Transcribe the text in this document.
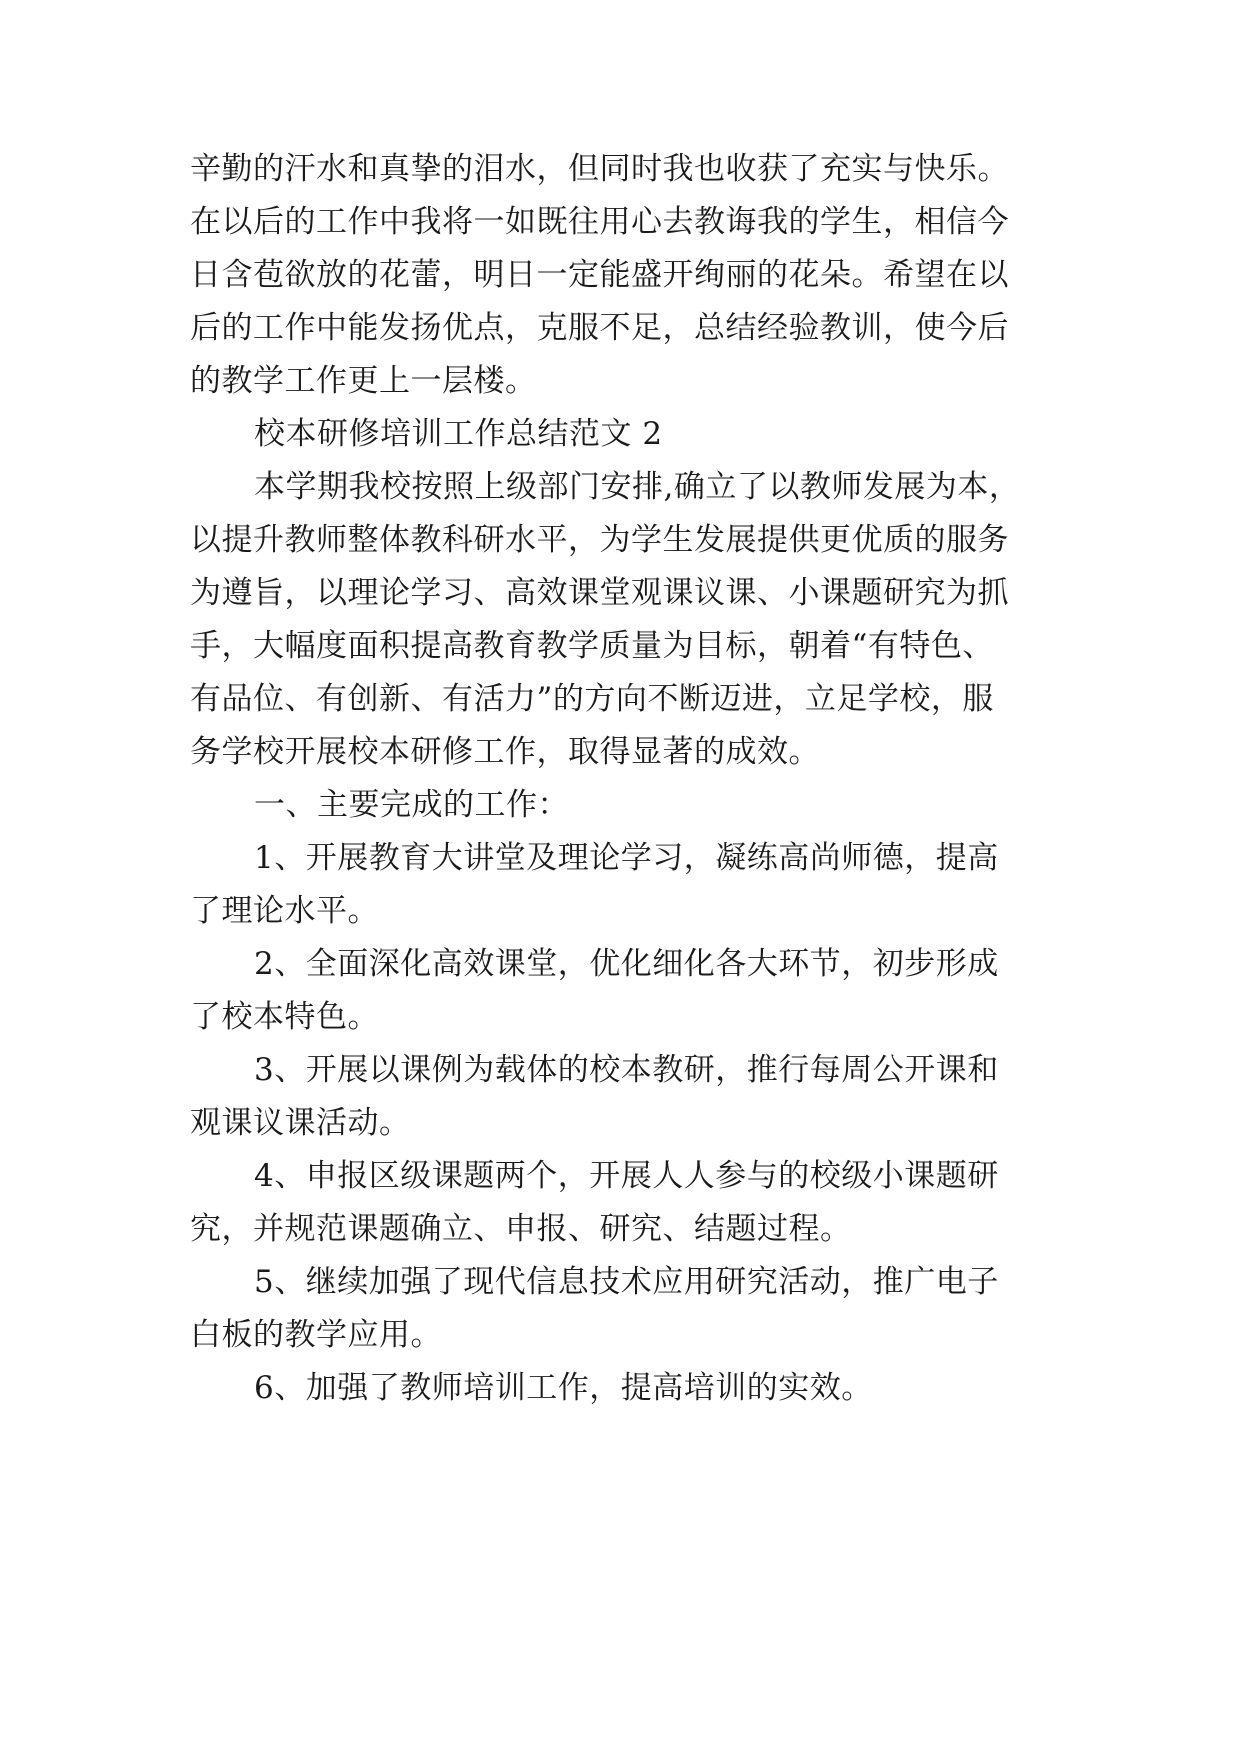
辛勤的汗水和真挚的泪水，但同时我也收获了充实与快乐。
在以后的工作中我将一如既往用心去教诲我的学生，相信今
日含苞欲放的花蕾，明日一定能盛开绚丽的花朵。希望在以
后的工作中能发扬优点，克服不足，总结经验教训，使今后
的教学工作更上一层楼。
校本研修培训工作总结范文 2
本学期我校按照上级部门安排,确立了以教师发展为本，
以提升教师整体教科研水平，为学生发展提供更优质的服务
为遵旨，以理论学习、高效课堂观课议课、小课题研究为抓
手，大幅度面积提高教育教学质量为目标，朝着“有特色、
有品位、有创新、有活力”的方向不断迈进，立足学校，服
务学校开展校本研修工作，取得显著的成效。
一、主要完成的工作：
1、开展教育大讲堂及理论学习，凝练高尚师德，提高
了理论水平。
2、全面深化高效课堂，优化细化各大环节，初步形成
了校本特色。
3、开展以课例为载体的校本教研，推行每周公开课和
观课议课活动。
4、申报区级课题两个，开展人人参与的校级小课题研
究，并规范课题确立、申报、研究、结题过程。
5、继续加强了现代信息技术应用研究活动，推广电子
白板的教学应用。
6、加强了教师培训工作，提高培训的实效。
